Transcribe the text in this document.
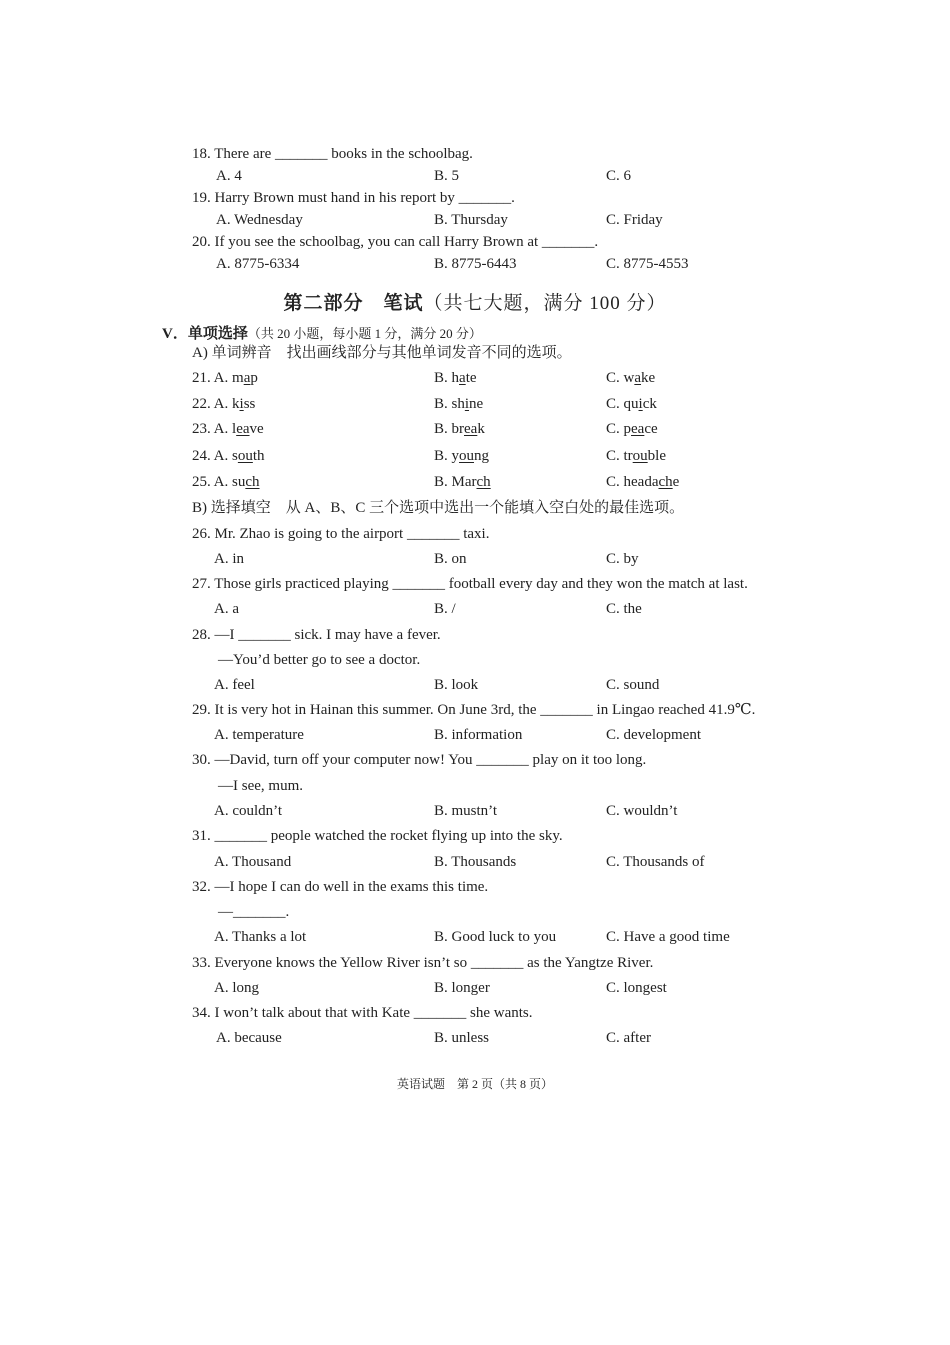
18. There are _______ books in the schoolbag.
A. 4	B. 5	C. 6
19. Harry Brown must hand in his report by _______.
A. Wednesday	B. Thursday	C. Friday
20. If you see the schoolbag, you can call Harry Brown at _______.
A. 8775-6334	B. 8775-6443	C. 8775-4553
第二部分　笔试（共七大题，满分 100 分）
V．单项选择（共 20 小题，每小题 1 分，满分 20 分）
A) 单词辨音　找出画线部分与其他单词发音不同的选项。
21. A. map	B. hate	C. wake
22. A. kiss	B. shine	C. quick
23. A. leave	B. break	C. peace
24. A. south	B. young	C. trouble
25. A. such	B. March	C. headache
B) 选择填空　从 A、B、C 三个选项中选出一个能填入空白处的最佳选项。
26. Mr. Zhao is going to the airport _______ taxi.
A. in	B. on	C. by
27. Those girls practiced playing _______ football every day and they won the match at last.
A. a	B. /	C. the
28. —I _______ sick. I may have a fever.
—You’d better go to see a doctor.
A. feel	B. look	C. sound
29. It is very hot in Hainan this summer. On June 3rd, the _______ in Lingao reached 41.9℃.
A. temperature	B. information	C. development
30. —David, turn off your computer now! You _______ play on it too long.
—I see, mum.
A. couldn’t	B. mustn’t	C. wouldn’t
31. _______ people watched the rocket flying up into the sky.
A. Thousand	B. Thousands	C. Thousands of
32. —I hope I can do well in the exams this time.
—_______.
A. Thanks a lot	B. Good luck to you	C. Have a good time
33. Everyone knows the Yellow River isn’t so _______ as the Yangtze River.
A. long	B. longer	C. longest
34. I won’t talk about that with Kate _______ she wants.
A. because	B. unless	C. after
英语试题　第 2 页（共 8 页）
